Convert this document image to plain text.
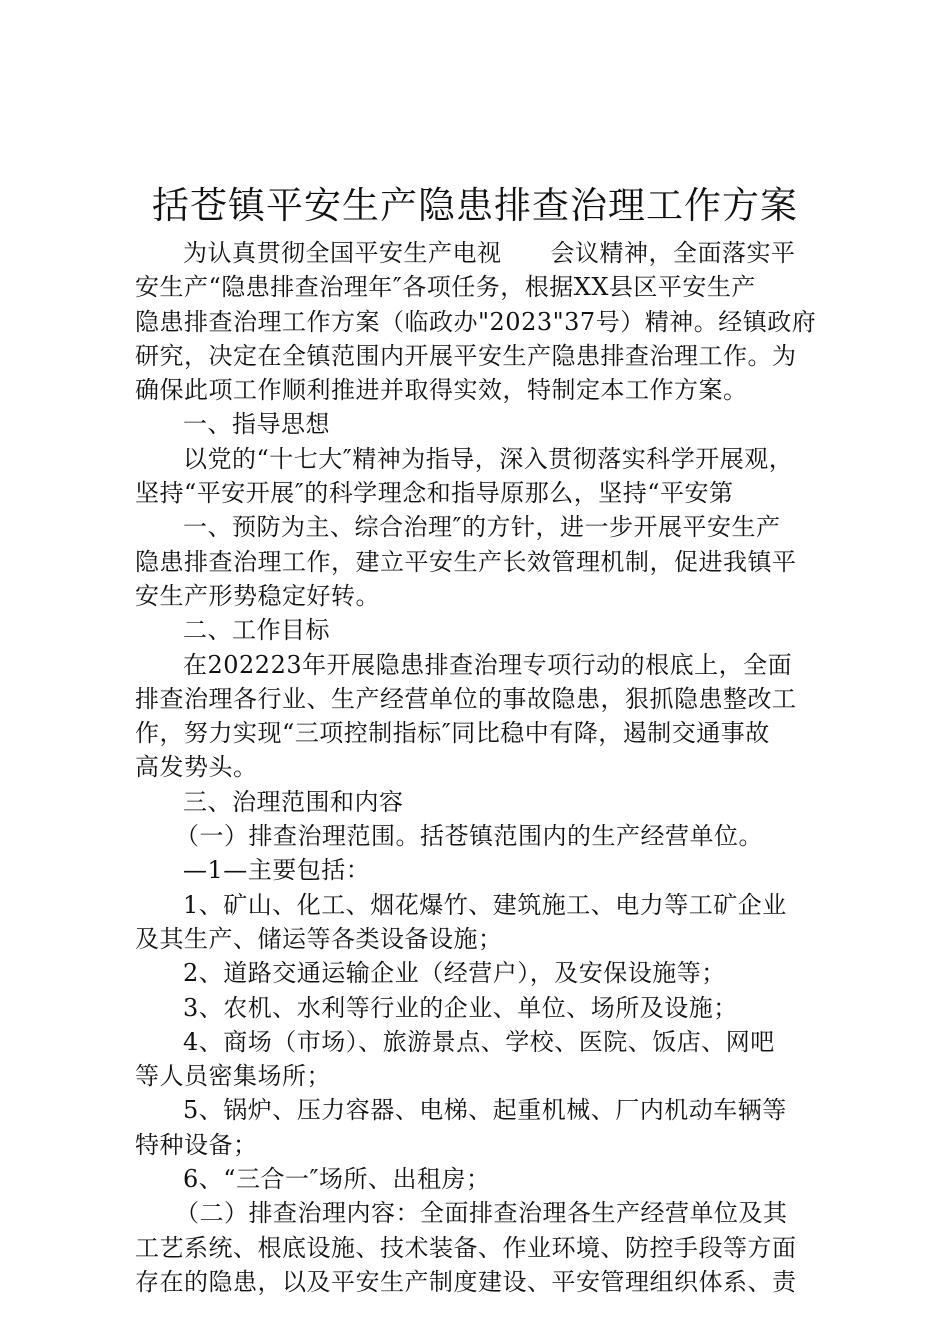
括苍镇平安生产隐患排查治理工作方案
为认真贯彻全国平安生产电视　　会议精神，全面落实平
安生产“隐患排查治理年″各项任务，根据XX县区平安生产
隐患排查治理工作方案（临政办"2023"37号）精神。经镇政府
研究，决定在全镇范围内开展平安生产隐患排查治理工作。为
确保此项工作顺利推进并取得实效，特制定本工作方案。
一、指导思想
以党的“十七大″精神为指导，深入贯彻落实科学开展观，
坚持“平安开展″的科学理念和指导原那么，坚持“平安第
一、预防为主、综合治理″的方针，进一步开展平安生产
隐患排查治理工作，建立平安生产长效管理机制，促进我镇平
安生产形势稳定好转。
二、工作目标
在202223年开展隐患排查治理专项行动的根底上，全面
排查治理各行业、生产经营单位的事故隐患，狠抓隐患整改工
作，努力实现“三项控制指标″同比稳中有降，遏制交通事故
高发势头。
三、治理范围和内容
（一）排查治理范围。括苍镇范围内的生产经营单位。
—1—主要包括：
1、矿山、化工、烟花爆竹、建筑施工、电力等工矿企业
及其生产、储运等各类设备设施；
2、道路交通运输企业（经营户），及安保设施等；
3、农机、水利等行业的企业、单位、场所及设施；
4、商场（市场）、旅游景点、学校、医院、饭店、网吧
等人员密集场所；
5、锅炉、压力容器、电梯、起重机械、厂内机动车辆等
特种设备；
6、“三合一″场所、出租房；
（二）排查治理内容：全面排查治理各生产经营单位及其
工艺系统、根底设施、技术装备、作业环境、防控手段等方面
存在的隐患，以及平安生产制度建设、平安管理组织体系、责
